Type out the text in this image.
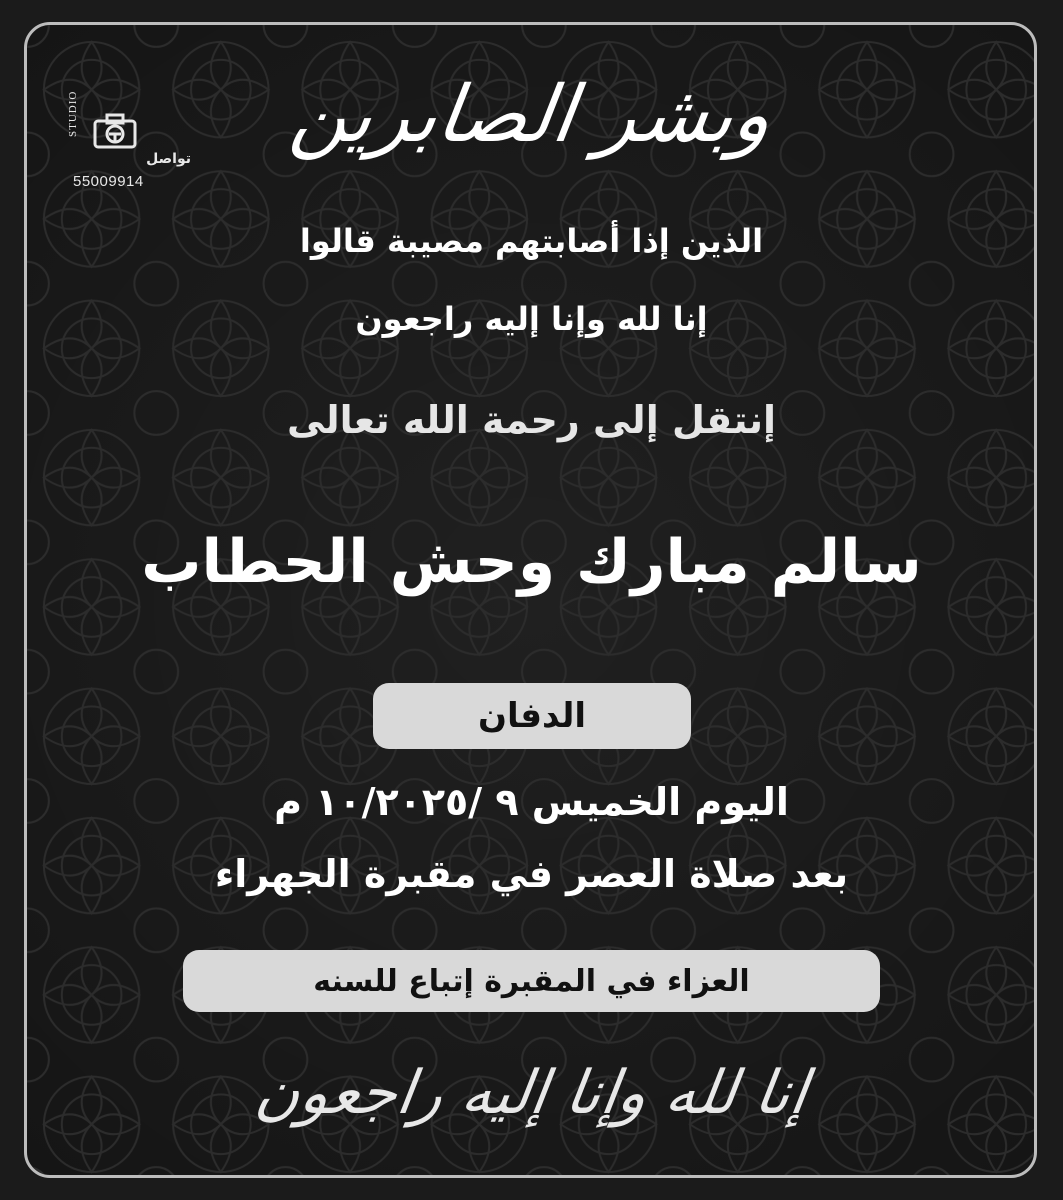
STUDIO
تواصل
55009914
وبشر الصابرين
الذين إذا أصابتهم مصيبة قالوا
إنا لله وإنا إليه راجعون
إنتقل إلى رحمة الله تعالى
سالم مبارك وحش الحطاب
الدفان
اليوم الخميس ٩ /١٠/٢٠٢٥ م
بعد صلاة العصر في مقبرة الجهراء
العزاء في المقبرة إتباع للسنه
إنا لله وإنا إليه راجعون
